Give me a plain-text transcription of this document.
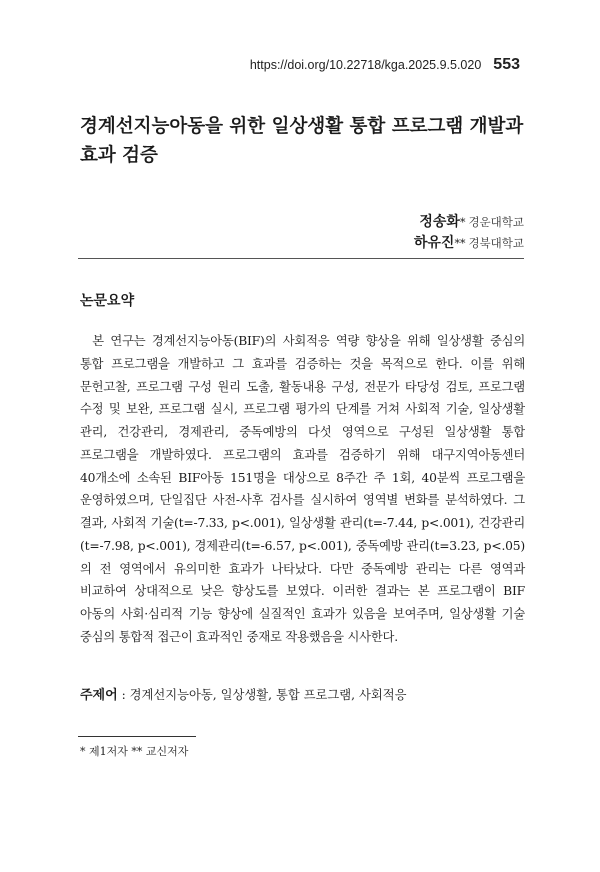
https://doi.org/10.22718/kga.2025.9.5.020 553
경계선지능아동을 위한 일상생활 통합 프로그램 개발과 효과 검증
정송화 * 경운대학교
하유진 ** 경북대학교
논문요약

본 연구는 경계선지능아동(BIF)의 사회적응 역량 향상을 위해 일상생활 중심의 통합 프로그램을 개발하고 그 효과를 검증하는 것을 목적으로 한다. 이를 위해 문헌고찰, 프로그램 구성 원리 도출, 활동내용 구성, 전문가 타당성 검토, 프로그램 수정 및 보완, 프로그램 실시, 프로그램 평가의 단계를 거쳐 사회적 기술, 일상생활 관리, 건강관리, 경제관리, 중독예방의 다섯 영역으로 구성된 일상생활 통합 프로그램을 개발하였다. 프로그램의 효과를 검증하기 위해 대구지역아동센터 40개소에 소속된 BIF아동 151명을 대상으로 8주간 주 1회, 40분씩 프로그램을 운영하였으며, 단일집단 사전-사후 검사를 실시하여 영역별 변화를 분석하였다. 그 결과, 사회적 기술(t=-7.33, p<.001), 일상생활 관리(t=-7.44, p<.001), 건강관리(t=-7.98, p<.001), 경제관리(t=-6.57, p<.001), 중독예방 관리(t=3.23, p<.05)의 전 영역에서 유의미한 효과가 나타났다. 다만 중독예방 관리는 다른 영역과 비교하여 상대적으로 낮은 향상도를 보였다. 이러한 결과는 본 프로그램이 BIF 아동의 사회·심리적 기능 향상에 실질적인 효과가 있음을 보여주며, 일상생활 기술 중심의 통합적 접근이 효과적인 중재로 작용했음을 시사한다.

주제어 : 경계선지능아동, 일상생활, 통합 프로그램, 사회적응

* 제1저자 ** 교신저자
